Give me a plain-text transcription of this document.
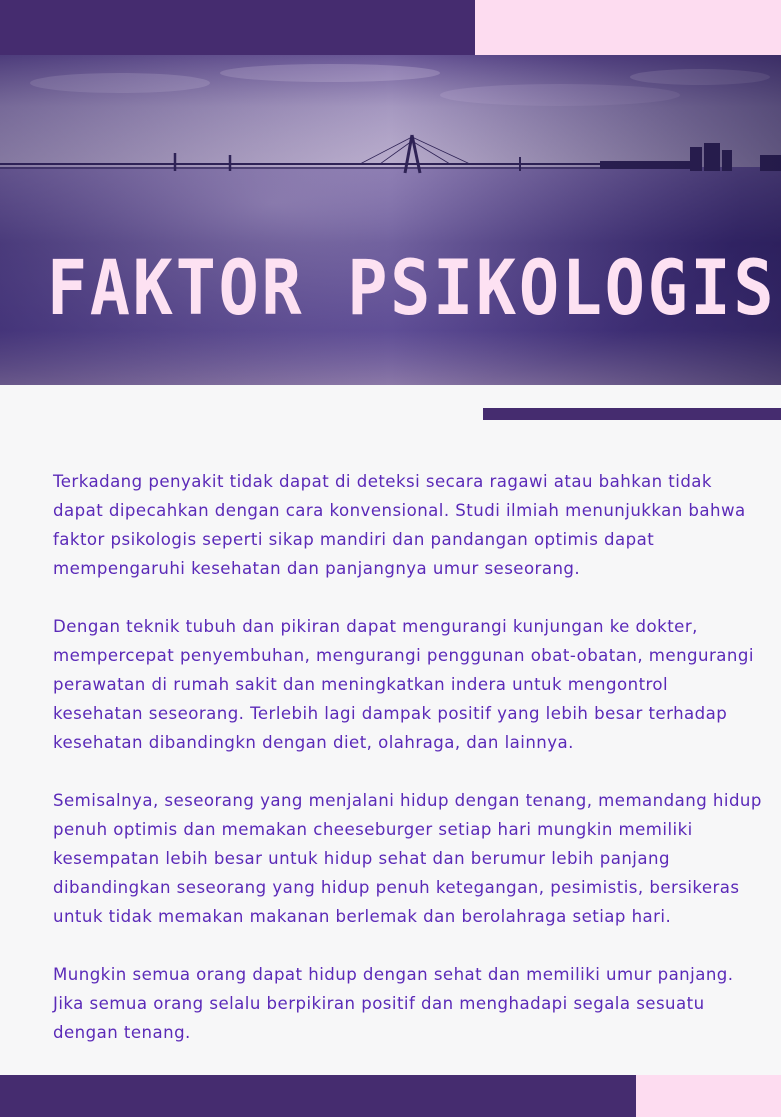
FAKTOR PSIKOLOGIS

Terkadang penyakit tidak dapat di deteksi secara ragawi atau bahkan tidak
dapat dipecahkan dengan cara konvensional. Studi ilmiah menunjukkan bahwa
faktor psikologis seperti sikap mandiri dan pandangan optimis dapat
mempengaruhi kesehatan dan panjangnya umur seseorang.

Dengan teknik tubuh dan pikiran dapat mengurangi kunjungan ke dokter,
mempercepat penyembuhan, mengurangi penggunan obat-obatan, mengurangi
perawatan di rumah sakit dan meningkatkan indera untuk mengontrol
kesehatan seseorang. Terlebih lagi dampak positif yang lebih besar terhadap
kesehatan dibandingkn dengan diet, olahraga, dan lainnya.

Semisalnya, seseorang yang menjalani hidup dengan tenang, memandang hidup
penuh optimis dan memakan cheeseburger setiap hari mungkin memiliki
kesempatan lebih besar untuk hidup sehat dan berumur lebih panjang
dibandingkan seseorang yang hidup penuh ketegangan, pesimistis, bersikeras
untuk tidak memakan makanan berlemak dan berolahraga setiap hari.

Mungkin semua orang dapat hidup dengan sehat dan memiliki umur panjang.
Jika semua orang selalu berpikiran positif dan menghadapi segala sesuatu
dengan tenang.
